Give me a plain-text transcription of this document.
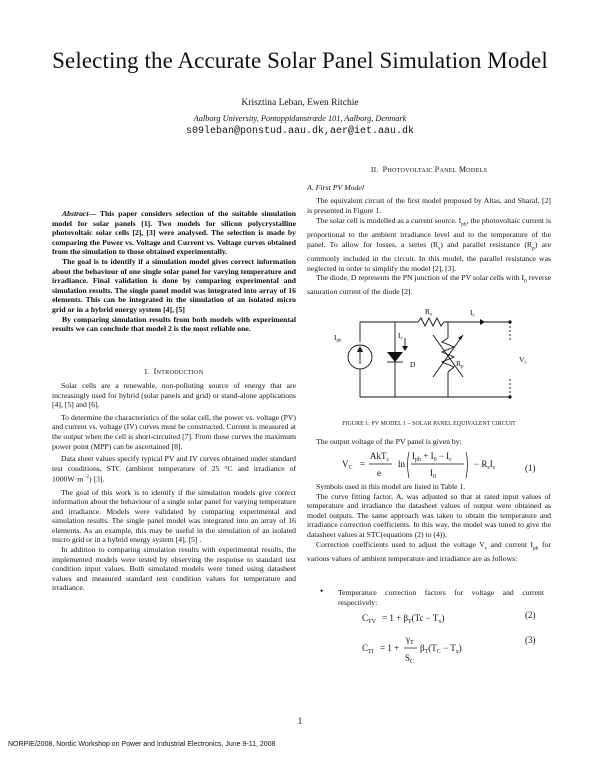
Selecting the Accurate Solar Panel Simulation Model
Krisztina Leban, Ewen Ritchie
Aalborg University, Pontoppidanstræde 101, Aalborg, Denmark
s09leban@ponstud.aau.dk,aer@iet.aau.dk

Abstract— This paper considers selection of the suitable simulation model for solar panels [1]. Two models for silicon polycrystalline photovoltaic solar cells [2], [3] were analysed. The selection is made by comparing the Power vs. Voltage and Current vs. Voltage curves obtained from the simulation to those obtained experimentally.

The goal is to identify if a simulation model gives correct information about the behaviour of one single solar panel for varying temperature and irradiance. Final validation is done by comparing experimental and simulation results. The single panel model was integrated into array of 16 elements. This can be integrated in the simulation of an isolated micro grid or in a hybrid energy system [4], [5]

By comparing simulation results from both models with experimental results we can conclude that model 2 is the most reliable one.

I. INTRODUCTION

Solar cells are a renewable, non-polluting source of energy that are increasingly used for hybrid (solar panels and grid) or stand-alone applications [4], [5] and [6].

To determine the characteristics of the solar cell, the power vs. voltage (PV) and current vs. voltage (IV) curves must be constructed. Current is measured at the output when the cell is short-circuited [7]. From these curves the maximum power point (MPP) can be ascertained [8].

Data sheet values specify typical PV and IV curves obtained under standard test conditions, STC (ambient temperature of 25 °C and irradiance of $1000W\cdot m^{-2}$) [3].

The goal of this work is to identify if the simulation models give correct information about the behaviour of a single solar panel for varying temperature and irradiance. Models were validated by comparing experimental and simulation results. The single panel model was integrated into an array of 16 elements. As an example, this may be useful in the simulation of an isolated micro grid or in a hybrid energy system [4], [5] .

In addition to comparing simulation results with experimental results, the implemented models were tested by observing the response to standard test condition input values. Both simulated models were tuned using datasheet values and measured standard test condition values for temperature and irradiance.

II. PHOTOVOLTAIC PANEL MODELS
A. First PV Model

The equivalent circuit of the first model proposed by Altas, and Sharaf, [2] is presented in Figure 1.

The solar cell is modelled as a current source. $I_{ph}$, the photovoltaic current is proportional to the ambient irradiance level and to the temperature of the panel. To allow for losses, a series $(R_s)$ and parallel resistance $(R_p)$ are commonly included in the circuit. In this model, the parallel resistance was neglected in order to simplify the model [2], [3].

The diode, D represents the PN junction of the PV solar cells with $I_0$ reverse saturation current of the diode [2].

$R_s$	$I_c$
$I_{ph}$
$I_c$
D	$R_p$
$V_c$
FIGURE 1: PV MODEL 1 – SOLAR PANEL EQUIVALENT CIRCUIT

The output voltage of the PV panel is given by:

$V_C$ =
AkT$_c$
e
ln
$I_{ph} + I_0 - I_c$
$I_0$
− $R_sI_c$	(1)

Symbols used in this model are listed in Table 1.

The curve fitting factor, A, was adjusted so that at rated input values of temperature and irradiance the datasheet values of output were obtained as model outputs. The same approach was taken to obtain the temperature and irradiance correction coefficients. In this way, the model was tuned to give the datasheet values at STC(equations (2) to (4)).

Correction coefficients used to adjust the voltage $V_c$ and current $I_{ph}$ for various values of ambient temperature and irradiance are as follows:

• Temperature correction factors for voltage and current respectively:

$C_{TV} = 1 + \beta_T(Tc - T_x)$	(2)
$C_{TI} = 1$ +
$\gamma_T$
$S_C$
$\beta_T(T_C - T_x)$
(3)
1
NORPIE/2008, Nordic Workshop on Power and Industrial Electronics, June 9-11, 2008
